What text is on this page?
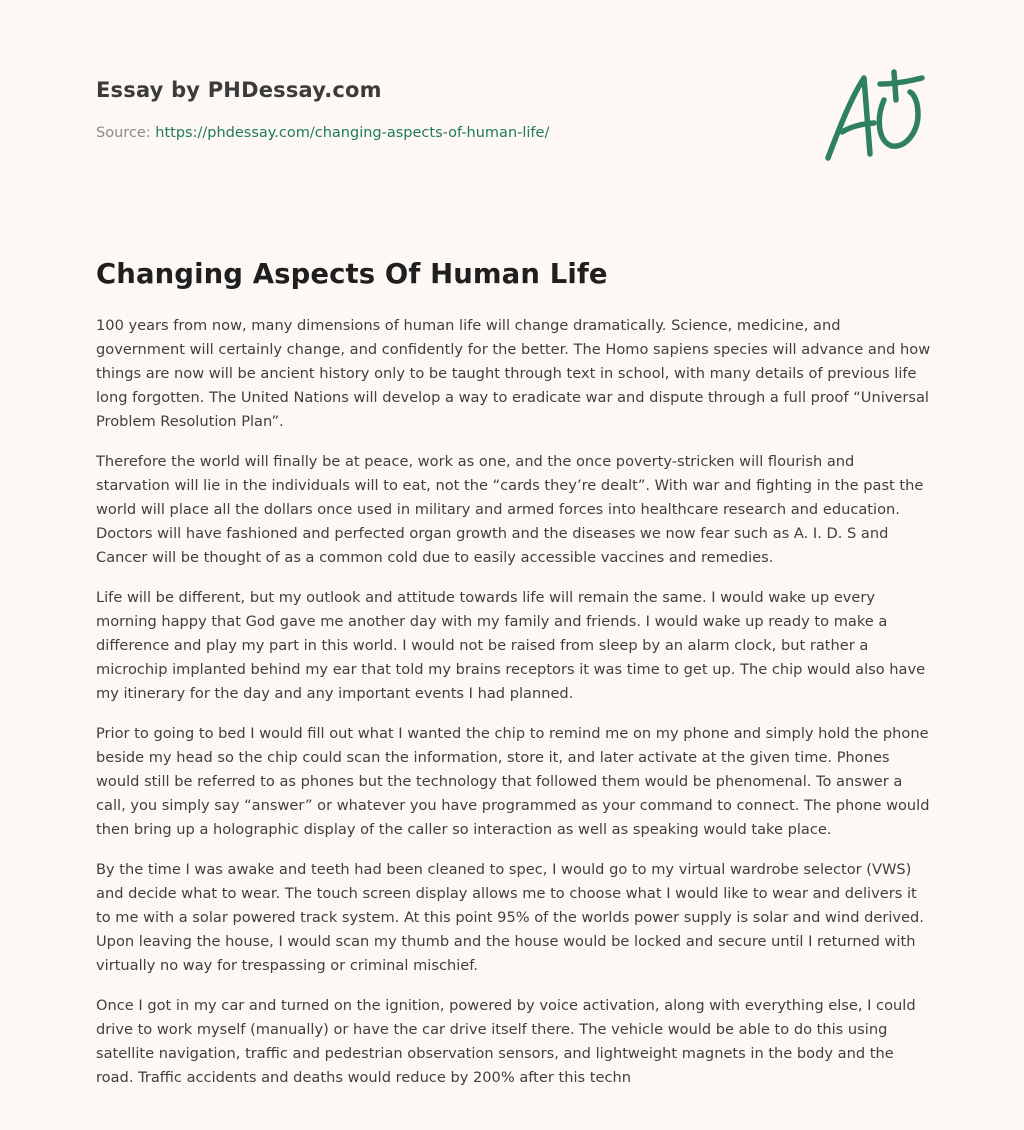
Essay by PHDessay.com
Source: https://phdessay.com/changing-aspects-of-human-life/
Changing Aspects Of Human Life

100 years from now, many dimensions of human life will change dramatically. Science, medicine, and government will certainly change, and confidently for the better. The Homo sapiens species will advance and how things are now will be ancient history only to be taught through text in school, with many details of previous life long forgotten. The United Nations will develop a way to eradicate war and dispute through a full proof “Universal Problem Resolution Plan”.

Therefore the world will finally be at peace, work as one, and the once poverty-stricken will flourish and starvation will lie in the individuals will to eat, not the “cards they’re dealt”. With war and fighting in the past the world will place all the dollars once used in military and armed forces into healthcare research and education. Doctors will have fashioned and perfected organ growth and the diseases we now fear such as A. I. D. S and Cancer will be thought of as a common cold due to easily accessible vaccines and remedies.

Life will be different, but my outlook and attitude towards life will remain the same. I would wake up every morning happy that God gave me another day with my family and friends. I would wake up ready to make a difference and play my part in this world. I would not be raised from sleep by an alarm clock, but rather a microchip implanted behind my ear that told my brains receptors it was time to get up. The chip would also have my itinerary for the day and any important events I had planned.

Prior to going to bed I would fill out what I wanted the chip to remind me on my phone and simply hold the phone beside my head so the chip could scan the information, store it, and later activate at the given time. Phones would still be referred to as phones but the technology that followed them would be phenomenal. To answer a call, you simply say “answer” or whatever you have programmed as your command to connect. The phone would then bring up a holographic display of the caller so interaction as well as speaking would take place.

By the time I was awake and teeth had been cleaned to spec, I would go to my virtual wardrobe selector (VWS) and decide what to wear. The touch screen display allows me to choose what I would like to wear and delivers it to me with a solar powered track system. At this point 95% of the worlds power supply is solar and wind derived. Upon leaving the house, I would scan my thumb and the house would be locked and secure until I returned with virtually no way for trespassing or criminal mischief.

Once I got in my car and turned on the ignition, powered by voice activation, along with everything else, I could drive to work myself (manually) or have the car drive itself there. The vehicle would be able to do this using satellite navigation, traffic and pedestrian observation sensors, and lightweight magnets in the body and the road. Traffic accidents and deaths would reduce by 200% after this techn
